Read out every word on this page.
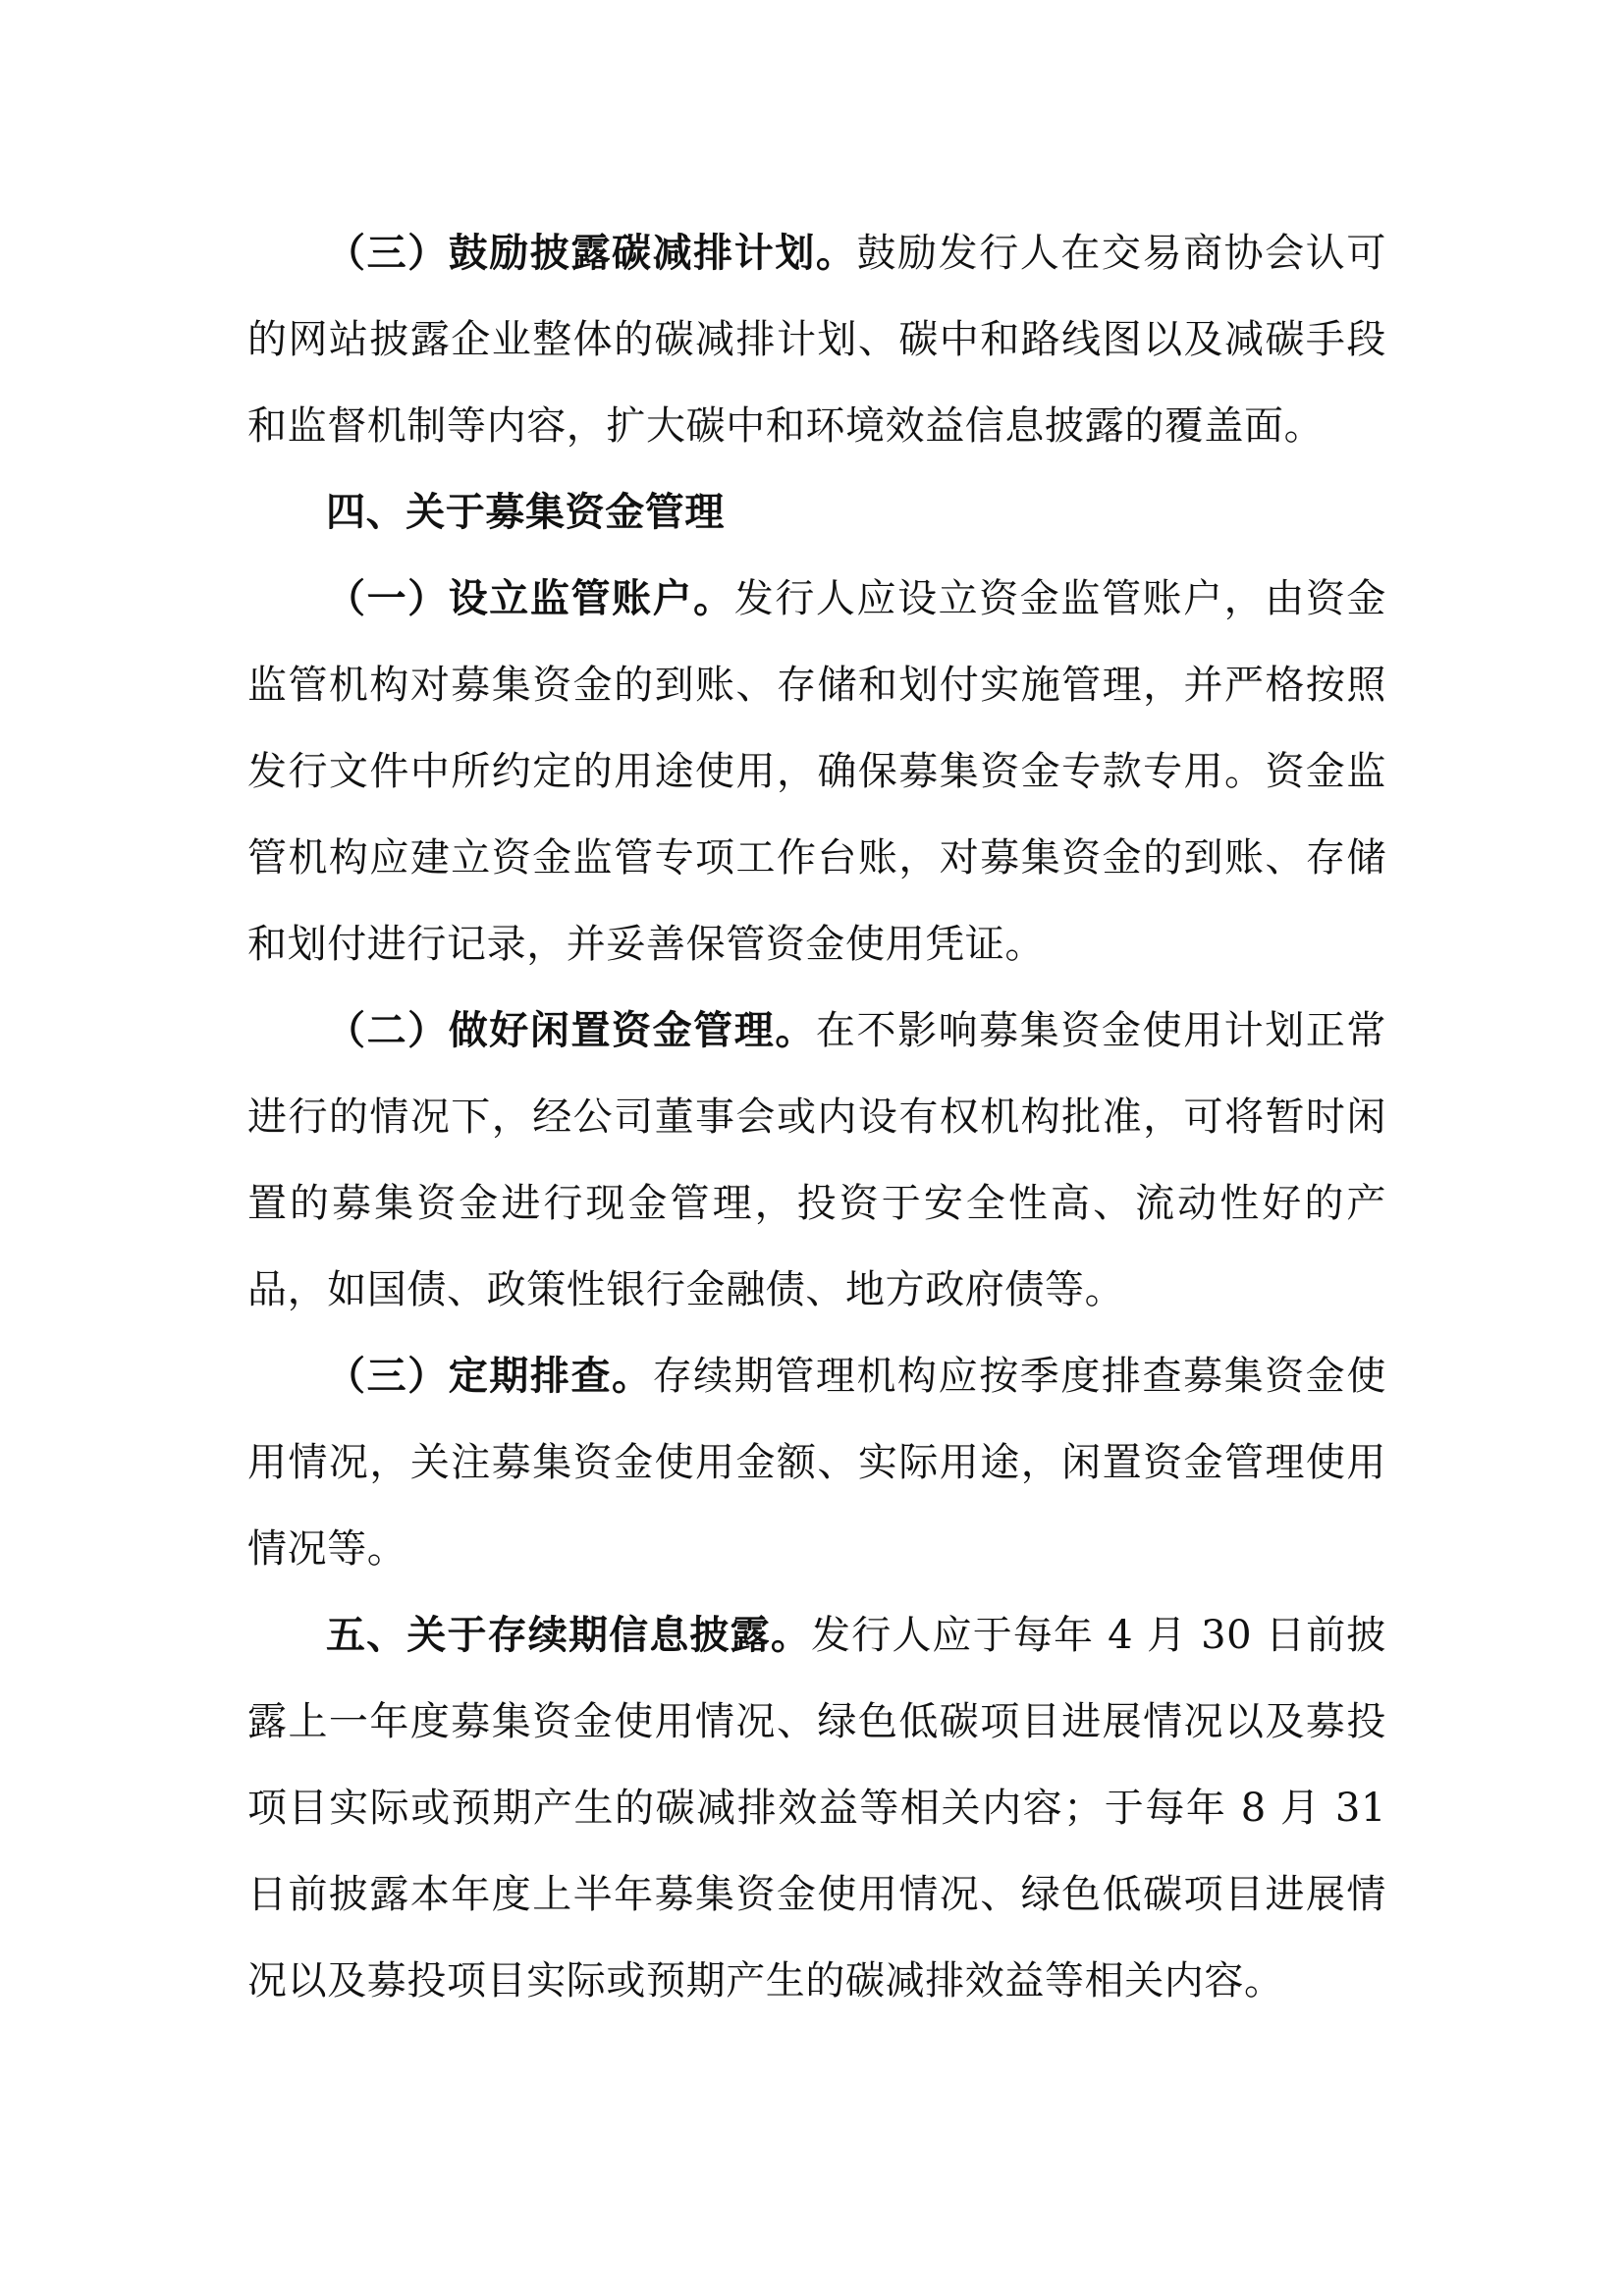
（三）鼓励披露碳减排计划。鼓励发行人在交易商协会认可的网站披露企业整体的碳减排计划、碳中和路线图以及减碳手段和监督机制等内容，扩大碳中和环境效益信息披露的覆盖面。

四、关于募集资金管理

（一）设立监管账户。发行人应设立资金监管账户，由资金监管机构对募集资金的到账、存储和划付实施管理，并严格按照发行文件中所约定的用途使用，确保募集资金专款专用。资金监管机构应建立资金监管专项工作台账，对募集资金的到账、存储和划付进行记录，并妥善保管资金使用凭证。

（二）做好闲置资金管理。在不影响募集资金使用计划正常进行的情况下，经公司董事会或内设有权机构批准，可将暂时闲置的募集资金进行现金管理，投资于安全性高、流动性好的产品，如国债、政策性银行金融债、地方政府债等。

（三）定期排查。存续期管理机构应按季度排查募集资金使用情况，关注募集资金使用金额、实际用途，闲置资金管理使用情况等。

五、关于存续期信息披露。发行人应于每年 4 月 30 日前披露上一年度募集资金使用情况、绿色低碳项目进展情况以及募投项目实际或预期产生的碳减排效益等相关内容；于每年 8 月 31 日前披露本年度上半年募集资金使用情况、绿色低碳项目进展情况以及募投项目实际或预期产生的碳减排效益等相关内容。
